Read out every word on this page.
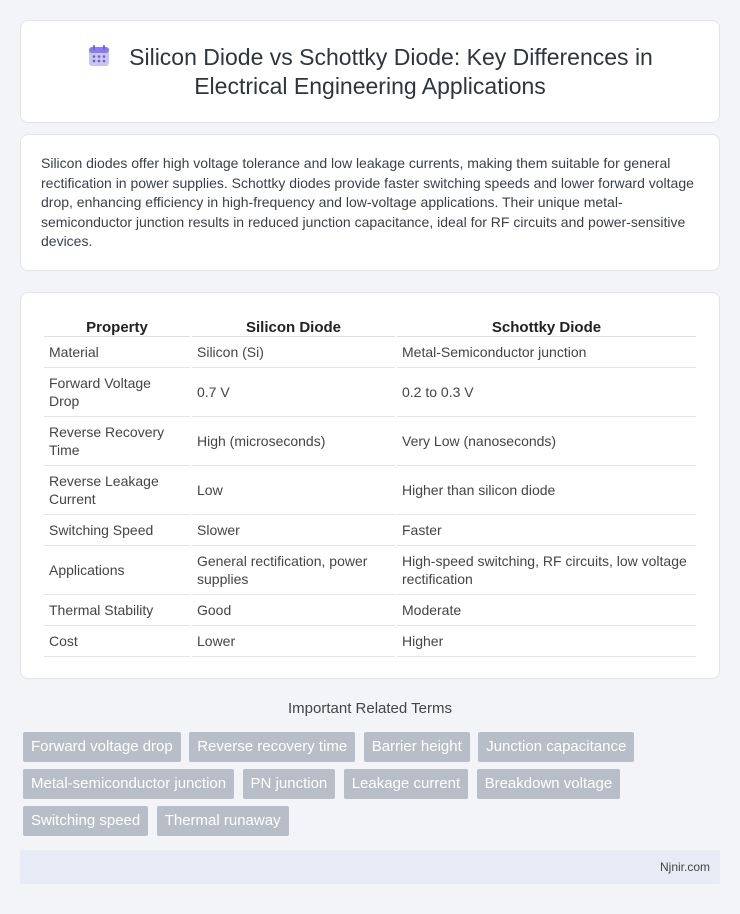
Silicon Diode vs Schottky Diode: Key Differences in Electrical Engineering Applications

Silicon diodes offer high voltage tolerance and low leakage currents, making them suitable for general rectification in power supplies. Schottky diodes provide faster switching speeds and lower forward voltage drop, enhancing efficiency in high-frequency and low-voltage applications. Their unique metal-semiconductor junction results in reduced junction capacitance, ideal for RF circuits and power-sensitive devices.

Property	Silicon Diode	Schottky Diode
Material	Silicon (Si)	Metal-Semiconductor junction
Forward Voltage Drop	0.7 V	0.2 to 0.3 V
Reverse Recovery Time	High (microseconds)	Very Low (nanoseconds)
Reverse Leakage Current	Low	Higher than silicon diode
Switching Speed	Slower	Faster
Applications	General rectification, power supplies	High-speed switching, RF circuits, low voltage rectification
Thermal Stability	Good	Moderate
Cost	Lower	Higher
Important Related Terms
Forward voltage drop Reverse recovery time Barrier height Junction capacitance Metal-semiconductor junction PN junction Leakage current Breakdown voltage Switching speed Thermal runaway
Njnir.com
